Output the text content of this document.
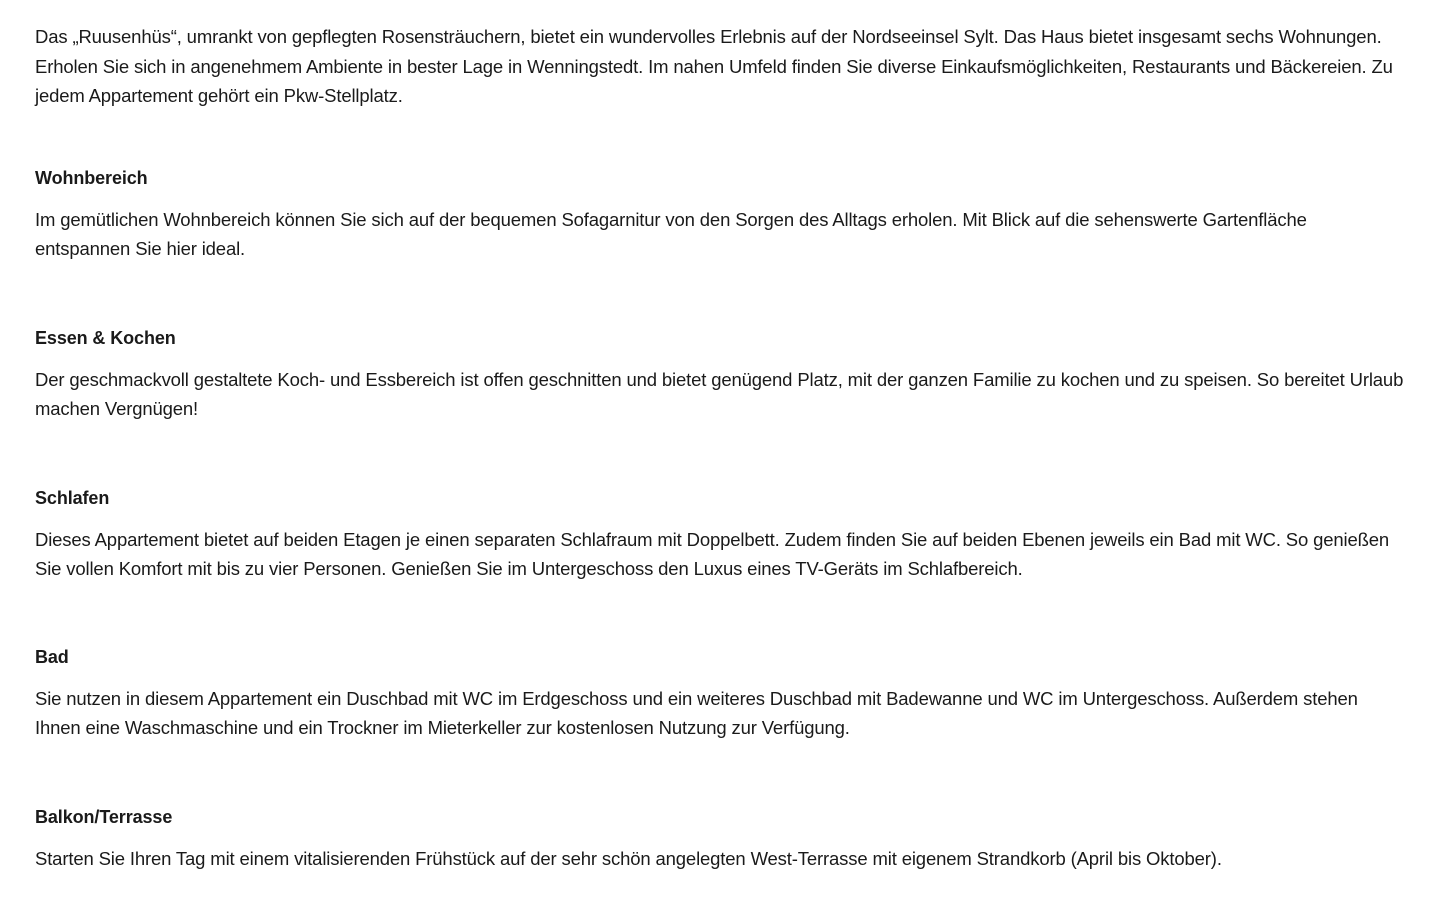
Das „Ruusenhüs“, umrankt von gepflegten Rosensträuchern, bietet ein wundervolles Erlebnis auf der Nordseeinsel Sylt. Das Haus bietet insgesamt sechs Wohnungen. Erholen Sie sich in angenehmem Ambiente in bester Lage in Wenningstedt. Im nahen Umfeld finden Sie diverse Einkaufsmöglichkeiten, Restaurants und Bäckereien. Zu jedem Appartement gehört ein Pkw-Stellplatz.

Wohnbereich

Im gemütlichen Wohnbereich können Sie sich auf der bequemen Sofagarnitur von den Sorgen des Alltags erholen. Mit Blick auf die sehenswerte Gartenfläche entspannen Sie hier ideal.

Essen & Kochen

Der geschmackvoll gestaltete Koch- und Essbereich ist offen geschnitten und bietet genügend Platz, mit der ganzen Familie zu kochen und zu speisen. So bereitet Urlaub machen Vergnügen!

Schlafen

Dieses Appartement bietet auf beiden Etagen je einen separaten Schlafraum mit Doppelbett. Zudem finden Sie auf beiden Ebenen jeweils ein Bad mit WC. So genießen Sie vollen Komfort mit bis zu vier Personen. Genießen Sie im Untergeschoss den Luxus eines TV-Geräts im Schlafbereich.

Bad

Sie nutzen in diesem Appartement ein Duschbad mit WC im Erdgeschoss und ein weiteres Duschbad mit Badewanne und WC im Untergeschoss. Außerdem stehen Ihnen eine Waschmaschine und ein Trockner im Mieterkeller zur kostenlosen Nutzung zur Verfügung.

Balkon/Terrasse

Starten Sie Ihren Tag mit einem vitalisierenden Frühstück auf der sehr schön angelegten West-Terrasse mit eigenem Strandkorb (April bis Oktober).
